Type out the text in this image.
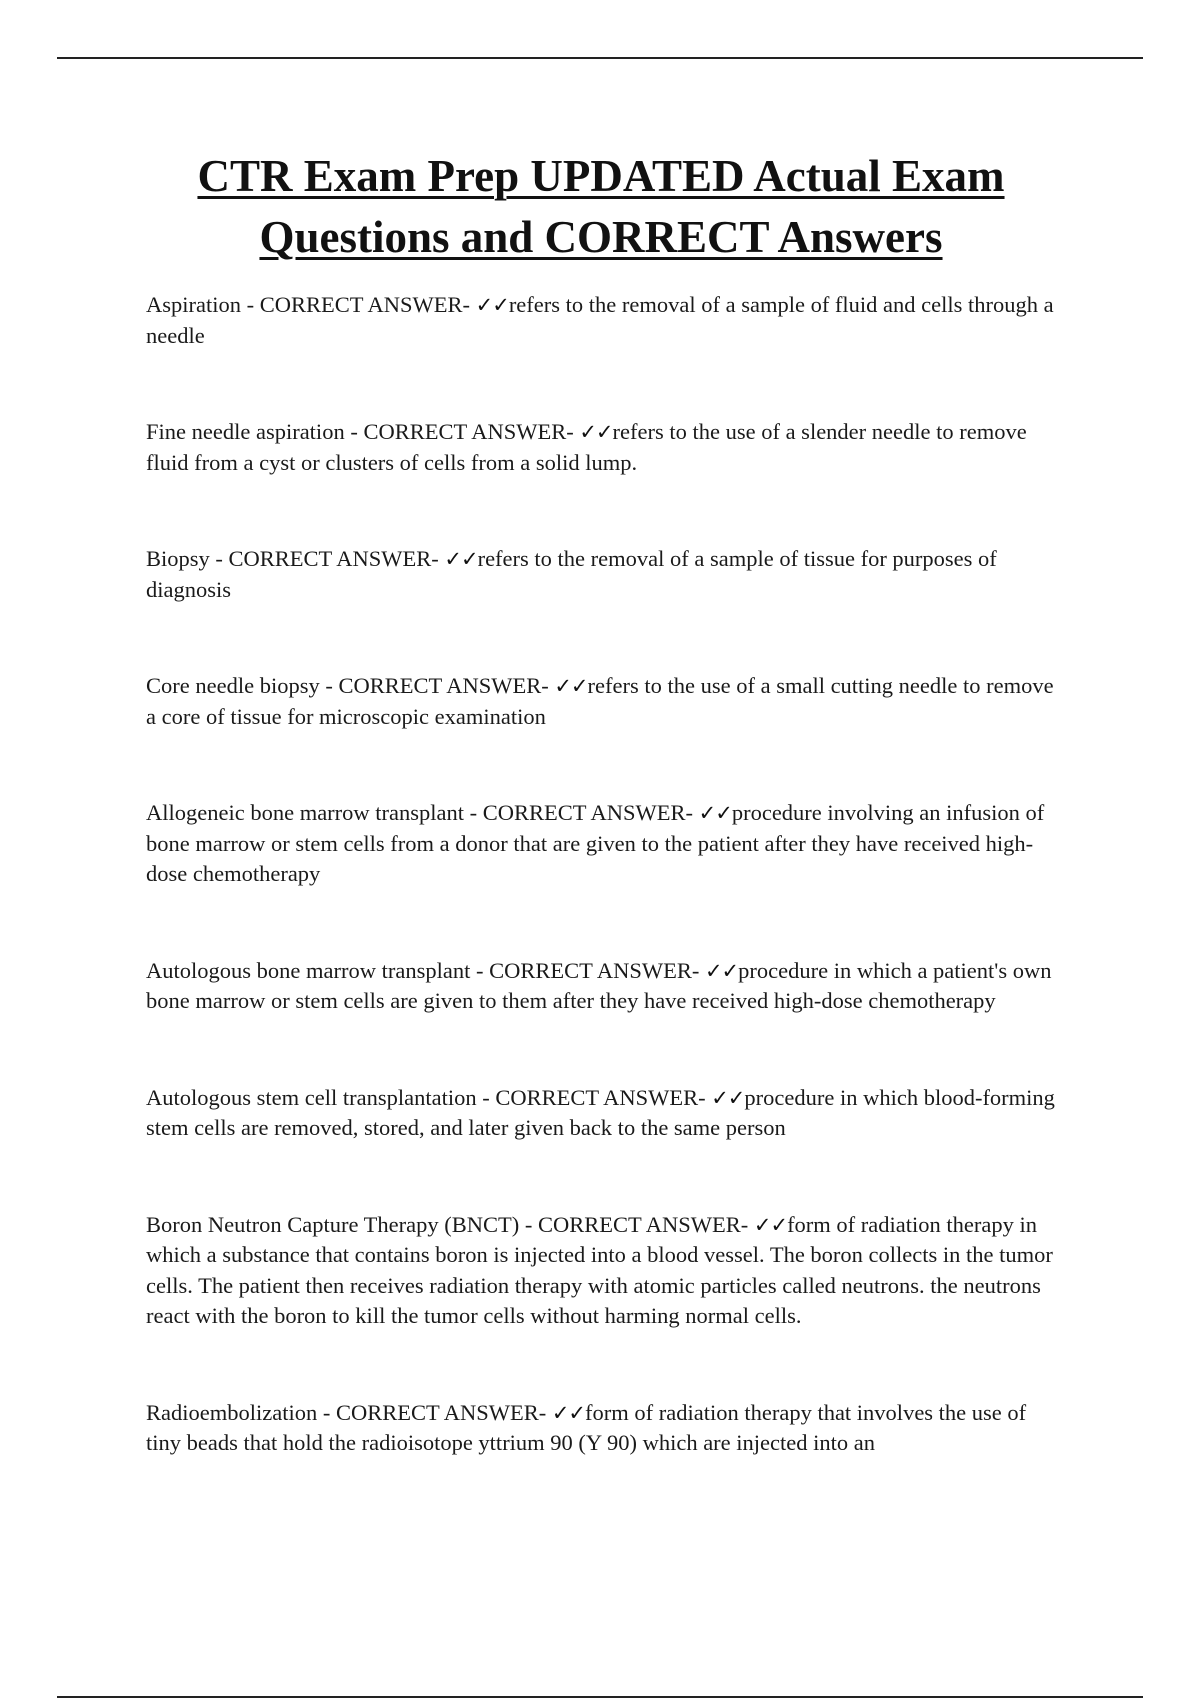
CTR Exam Prep UPDATED Actual Exam Questions and CORRECT Answers
Aspiration - CORRECT ANSWER- ✓✓refers to the removal of a sample of fluid and cells through a needle
Fine needle aspiration - CORRECT ANSWER- ✓✓refers to the use of a slender needle to remove fluid from a cyst or clusters of cells from a solid lump.
Biopsy - CORRECT ANSWER- ✓✓refers to the removal of a sample of tissue for purposes of diagnosis
Core needle biopsy - CORRECT ANSWER- ✓✓refers to the use of a small cutting needle to remove a core of tissue for microscopic examination
Allogeneic bone marrow transplant - CORRECT ANSWER- ✓✓procedure involving an infusion of bone marrow or stem cells from a donor that are given to the patient after they have received high-dose chemotherapy
Autologous bone marrow transplant - CORRECT ANSWER- ✓✓procedure in which a patient's own bone marrow or stem cells are given to them after they have received high-dose chemotherapy
Autologous stem cell transplantation - CORRECT ANSWER- ✓✓procedure in which blood-forming stem cells are removed, stored, and later given back to the same person
Boron Neutron Capture Therapy (BNCT) - CORRECT ANSWER- ✓✓form of radiation therapy in which a substance that contains boron is injected into a blood vessel. The boron collects in the tumor cells. The patient then receives radiation therapy with atomic particles called neutrons. the neutrons react with the boron to kill the tumor cells without harming normal cells.
Radioembolization - CORRECT ANSWER- ✓✓form of radiation therapy that involves the use of tiny beads that hold the radioisotope yttrium 90 (Y 90) which are injected into an
